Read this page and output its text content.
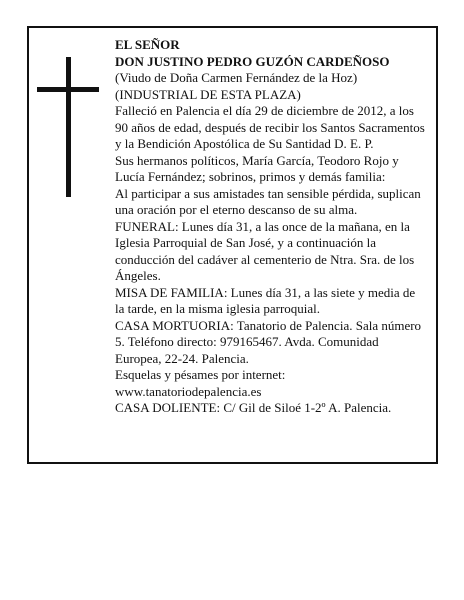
EL SEÑOR

DON JUSTINO PEDRO GUZÓN CARDEÑOSO

(Viudo de Doña Carmen Fernández de la Hoz)

(INDUSTRIAL DE ESTA PLAZA)

Falleció en Palencia el día 29 de diciembre de 2012, a los 90 años de edad, después de recibir los Santos Sacramentos y la Bendición Apostólica de Su Santidad D. E. P.

Sus hermanos políticos, María García, Teodoro Rojo y Lucía Fernández; sobrinos, primos y demás familia:

Al participar a sus amistades tan sensible pérdida, suplican una oración por el eterno descanso de su alma.

FUNERAL: Lunes día 31, a las once de la mañana, en la Iglesia Parroquial de San José, y a continuación la conducción del cadáver al cementerio de Ntra. Sra. de los Ángeles.

MISA DE FAMILIA: Lunes día 31, a las siete y media de la tarde, en la misma iglesia parroquial.

CASA MORTUORIA: Tanatorio de Palencia. Sala número 5. Teléfono directo: 979165467. Avda. Comunidad Europea, 22-24. Palencia.

Esquelas y pésames por internet: www.tanatoriodepalencia.es

CASA DOLIENTE: C/ Gil de Siloé 1-2º A. Palencia.
